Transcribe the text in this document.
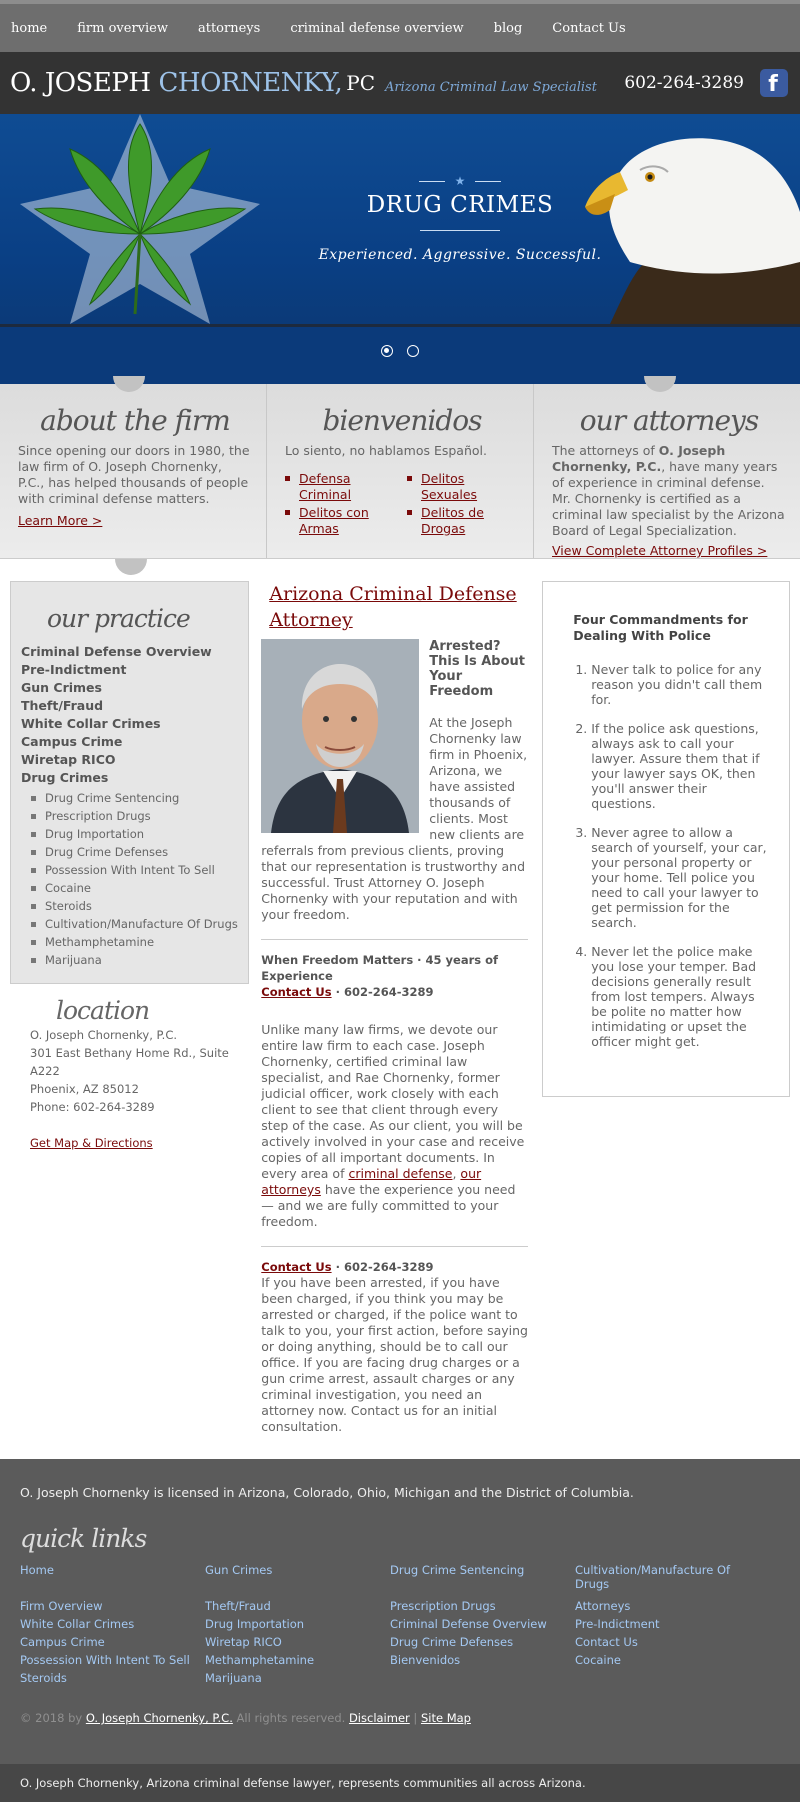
home firm overview attorneys criminal defense overview blog Contact Us
O. JOSEPH CHORNENKY, PC Arizona Criminal Law Specialist 602-264-3289	f
★
DRUG CRIMES
Experienced. Aggressive. Successful.
about the firm

Since opening our doors in 1980, the law firm of O. Joseph Chornenky, P.C., has helped thousands of people with criminal defense matters.

Learn More >
bienvenidos

Lo siento, no hablamos Español.

Defensa Criminal
Delitos Sexuales
Delitos con Armas
Delitos de Drogas
our attorneys

The attorneys of O. Joseph Chornenky, P.C., have many years of experience in criminal defense. Mr. Chornenky is certified as a criminal law specialist by the Arizona Board of Legal Specialization.

View Complete Attorney Profiles >
our practice
Criminal Defense Overview
Pre-Indictment
Gun Crimes
Theft/Fraud
White Collar Crimes
Campus Crime
Wiretap RICO
Drug Crimes
Drug Crime Sentencing
Prescription Drugs
Drug Importation
Drug Crime Defenses
Possession With Intent To Sell
Cocaine
Steroids
Cultivation/Manufacture Of Drugs
Methamphetamine
Marijuana
location
O. Joseph Chornenky, P.C.
301 East Bethany Home Rd., Suite A222
Phoenix, AZ 85012
Phone: 602-264-3289
Get Map & Directions
Arizona Criminal Defense Attorney
Arrested? This Is About Your Freedom

At the Joseph Chornenky law firm in Phoenix, Arizona, we have assisted thousands of clients. Most new clients are referrals from previous clients, proving that our representation is trustworthy and successful. Trust Attorney O. Joseph Chornenky with your reputation and with your freedom.

When Freedom Matters · 45 years of Experience
Contact Us · 602-264-3289

Unlike many law firms, we devote our entire law firm to each case. Joseph Chornenky, certified criminal law specialist, and Rae Chornenky, former judicial officer, work closely with each client to see that client through every step of the case. As our client, you will be actively involved in your case and receive copies of all important documents. In every area of criminal defense, our attorneys have the experience you need — and we are fully committed to your freedom.

Contact Us · 602-264-3289

If you have been arrested, if you have been charged, if you think you may be arrested or charged, if the police want to talk to you, your first action, before saying or doing anything, should be to call our office. If you are facing drug charges or a gun crime arrest, assault charges or any criminal investigation, you need an attorney now. Contact us for an initial consultation.

Four Commandments for Dealing With Police
1. Never talk to police for any reason you didn't call them for.
2. If the police ask questions, always ask to call your lawyer. Assure them that if your lawyer says OK, then you'll answer their questions.
3. Never agree to allow a search of yourself, your car, your personal property or your home. Tell police you need to call your lawyer to get permission for the search.
4. Never let the police make you lose your temper. Bad decisions generally result from lost tempers. Always be polite no matter how intimidating or upset the officer might get.
O. Joseph Chornenky is licensed in Arizona, Colorado, Ohio, Michigan and the District of Columbia.
quick links
Home	Gun Crimes	Drug Crime Sentencing	Cultivation/Manufacture Of Drugs
Firm Overview	Theft/Fraud	Prescription Drugs	Attorneys
White Collar Crimes	Drug Importation	Criminal Defense Overview	Pre-Indictment
Campus Crime	Wiretap RICO	Drug Crime Defenses	Contact Us
Possession With Intent To Sell	Methamphetamine	Bienvenidos	Cocaine
Steroids	Marijuana
© 2018 by O. Joseph Chornenky, P.C. All rights reserved. Disclaimer | Site Map
O. Joseph Chornenky, Arizona criminal defense lawyer, represents communities all across Arizona.
